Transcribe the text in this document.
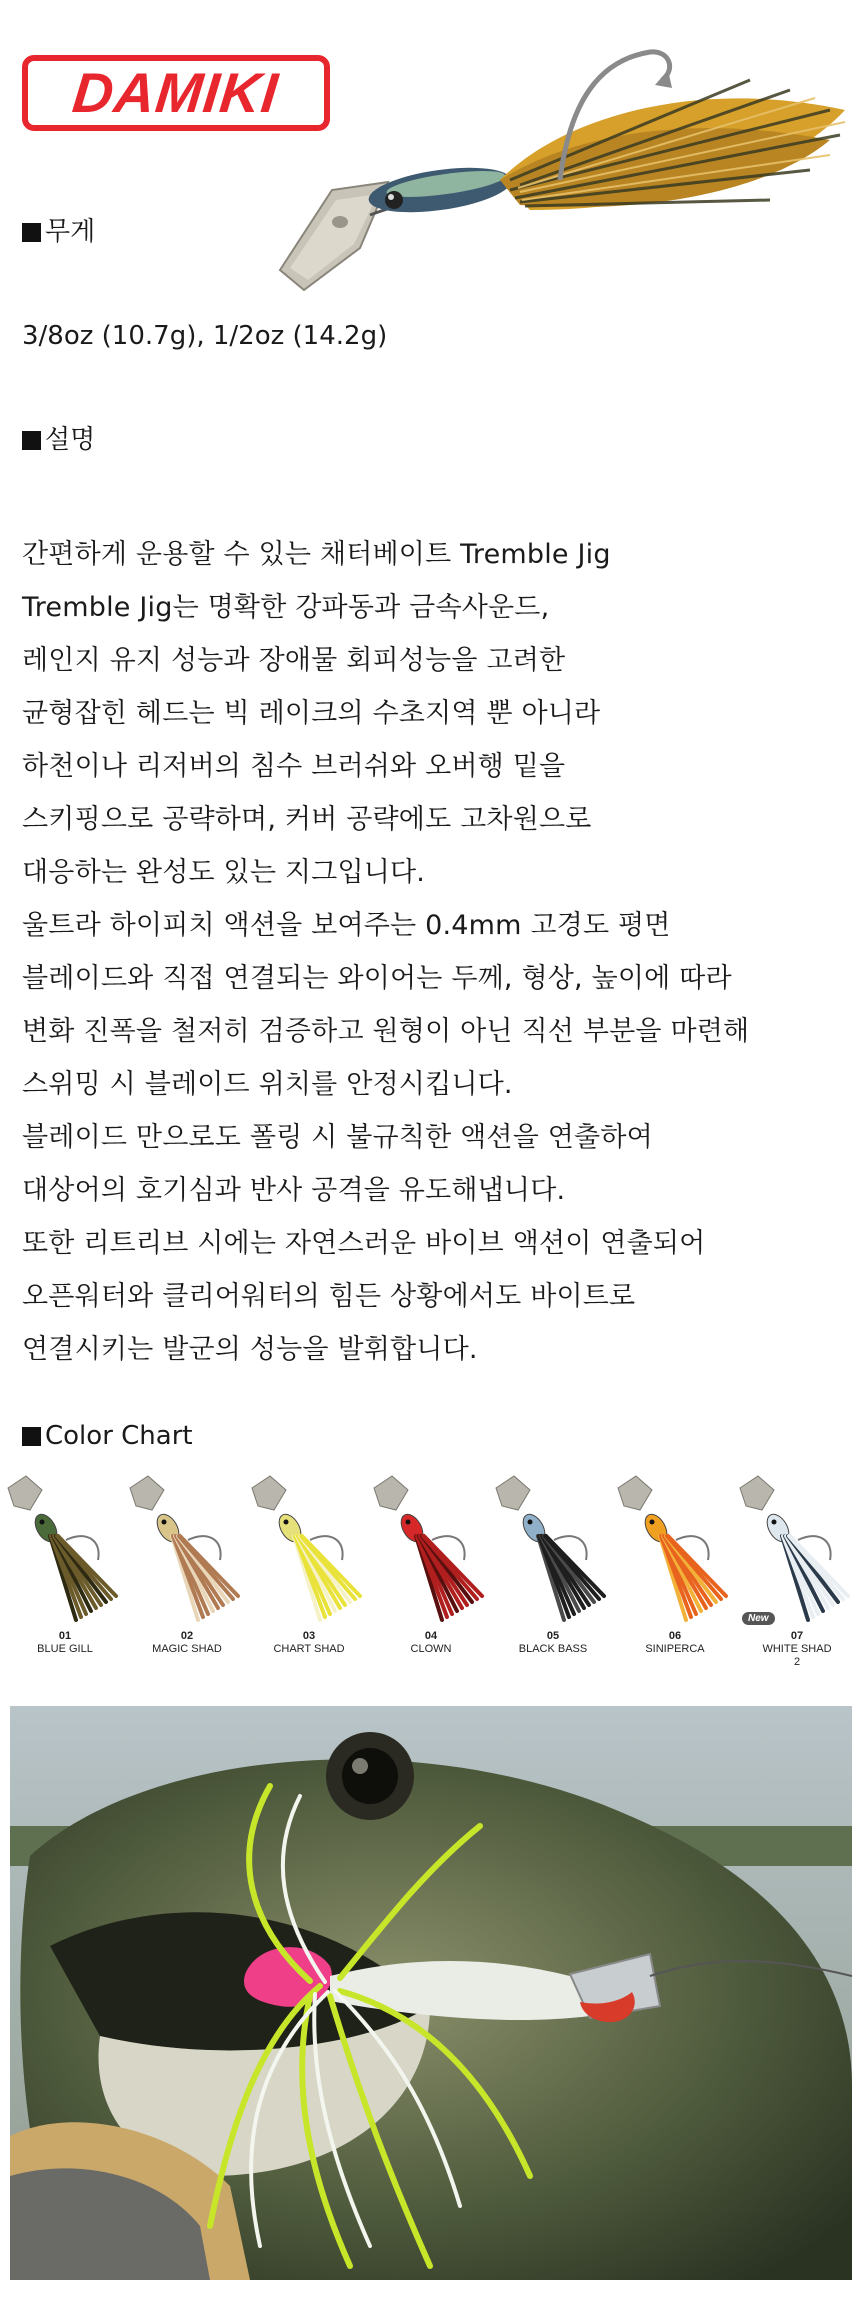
DAMIKI
무게
3/8oz (10.7g), 1/2oz (14.2g)
설명
간편하게 운용할 수 있는 채터베이트 Tremble Jig
Tremble Jig는 명확한 강파동과 금속사운드,
레인지 유지 성능과 장애물 회피성능을 고려한
균형잡힌 헤드는 빅 레이크의 수초지역 뿐 아니라
하천이나 리저버의 침수 브러쉬와 오버행 밑을
스키핑으로 공략하며, 커버 공략에도 고차원으로
대응하는 완성도 있는 지그입니다.
울트라 하이피치 액션을 보여주는 0.4mm 고경도 평면
블레이드와 직접 연결되는 와이어는 두께, 형상, 높이에 따라
변화 진폭을 철저히 검증하고 원형이 아닌 직선 부분을 마련해
스위밍 시 블레이드 위치를 안정시킵니다.
블레이드 만으로도 폴링 시 불규칙한 액션을 연출하여
대상어의 호기심과 반사 공격을 유도해냅니다.
또한 리트리브 시에는 자연스러운 바이브 액션이 연출되어
오픈워터와 클리어워터의 힘든 상황에서도 바이트로
연결시키는 발군의 성능을 발휘합니다.
Color Chart
01
BLUE GILL
02
MAGIC SHAD
03
CHART SHAD
04
CLOWN
05
BLACK BASS
06
SINIPERCA
New
07
WHITE SHAD 2
